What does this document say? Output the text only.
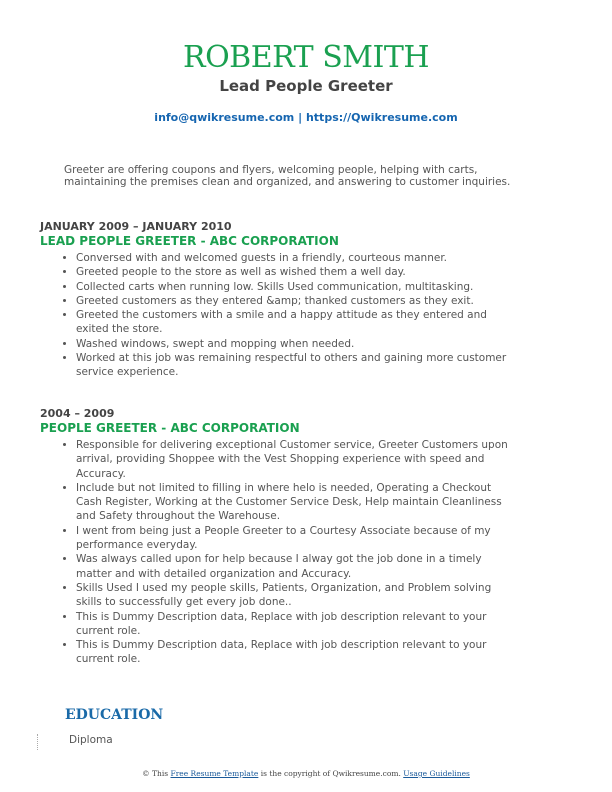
ROBERT SMITH
Lead People Greeter
info@qwikresume.com | https://Qwikresume.com
Greeter are offering coupons and flyers, welcoming people, helping with carts, maintaining the premises clean and organized, and answering to customer inquiries.
JANUARY 2009 – JANUARY 2010
LEAD PEOPLE GREETER - ABC CORPORATION
• Conversed with and welcomed guests in a friendly, courteous manner.
• Greeted people to the store as well as wished them a well day.
• Collected carts when running low. Skills Used communication, multitasking.
• Greeted customers as they entered &amp; thanked customers as they exit.
• Greeted the customers with a smile and a happy attitude as they entered and exited the store.
• Washed windows, swept and mopping when needed.
• Worked at this job was remaining respectful to others and gaining more customer service experience.
2004 – 2009
PEOPLE GREETER - ABC CORPORATION
• Responsible for delivering exceptional Customer service, Greeter Customers upon arrival, providing Shoppee with the Vest Shopping experience with speed and Accuracy.
• Include but not limited to filling in where helo is needed, Operating a Checkout Cash Register, Working at the Customer Service Desk, Help maintain Cleanliness and Safety throughout the Warehouse.
• I went from being just a People Greeter to a Courtesy Associate because of my performance everyday.
• Was always called upon for help because I alway got the job done in a timely matter and with detailed organization and Accuracy.
• Skills Used I used my people skills, Patients, Organization, and Problem solving skills to successfully get every job done..
• This is Dummy Description data, Replace with job description relevant to your current role.
• This is Dummy Description data, Replace with job description relevant to your current role.
EDUCATION
Diploma
© This Free Resume Template is the copyright of Qwikresume.com. Usage Guidelines
